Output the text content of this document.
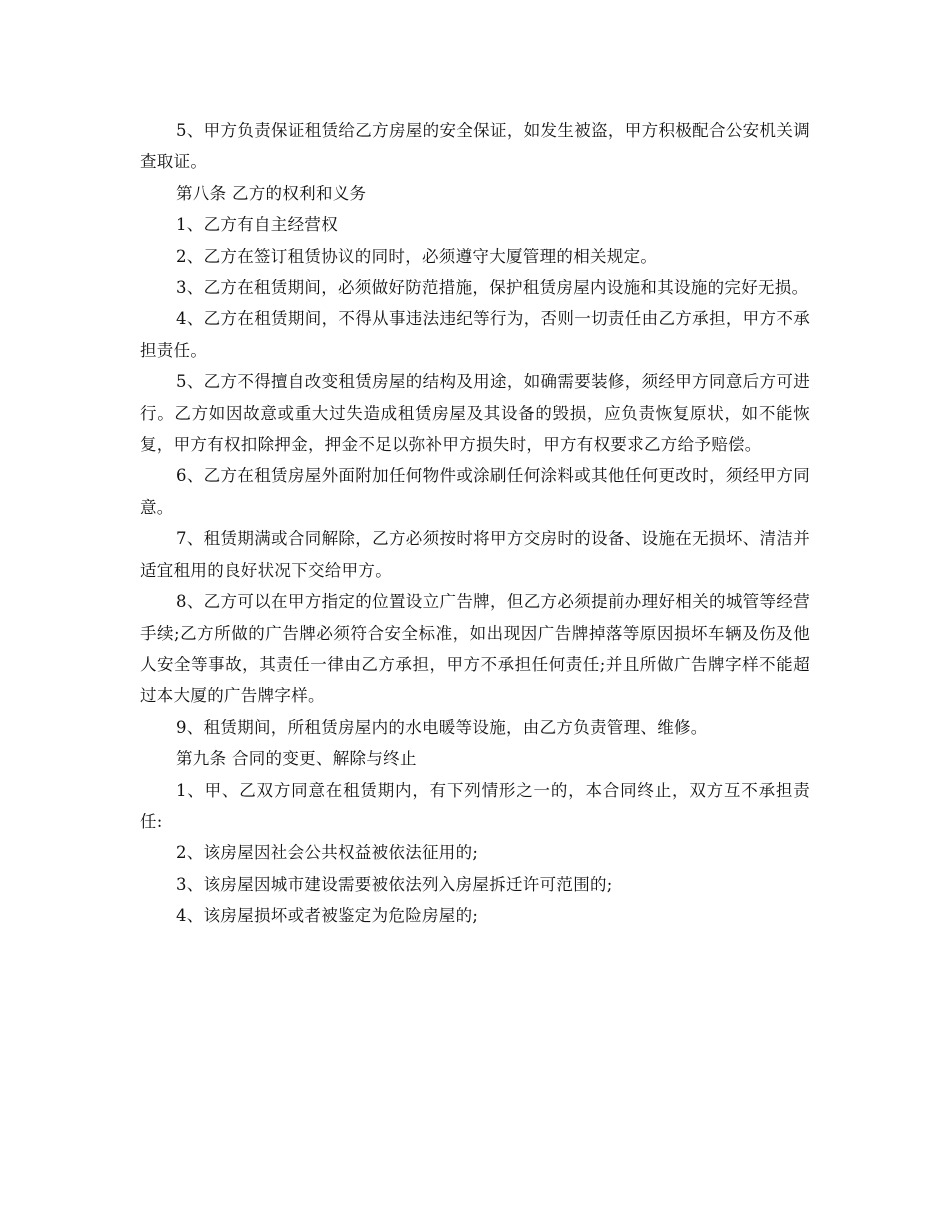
5、甲方负责保证租赁给乙方房屋的安全保证，如发生被盗，甲方积极配合公安机关调查取证。

第八条 乙方的权利和义务

1、乙方有自主经营权

2、乙方在签订租赁协议的同时，必须遵守大厦管理的相关规定。

3、乙方在租赁期间，必须做好防范措施，保护租赁房屋内设施和其设施的完好无损。

4、乙方在租赁期间，不得从事违法违纪等行为，否则一切责任由乙方承担，甲方不承担责任。

5、乙方不得擅自改变租赁房屋的结构及用途，如确需要装修，须经甲方同意后方可进行。乙方如因故意或重大过失造成租赁房屋及其设备的毁损，应负责恢复原状，如不能恢复，甲方有权扣除押金，押金不足以弥补甲方损失时，甲方有权要求乙方给予赔偿。

6、乙方在租赁房屋外面附加任何物件或涂刷任何涂料或其他任何更改时，须经甲方同意。

7、租赁期满或合同解除，乙方必须按时将甲方交房时的设备、设施在无损坏、清洁并适宜租用的良好状况下交给甲方。

8、乙方可以在甲方指定的位置设立广告牌，但乙方必须提前办理好相关的城管等经营手续;乙方所做的广告牌必须符合安全标准，如出现因广告牌掉落等原因损坏车辆及伤及他人安全等事故，其责任一律由乙方承担，甲方不承担任何责任;并且所做广告牌字样不能超过本大厦的广告牌字样。

9、租赁期间，所租赁房屋内的水电暖等设施，由乙方负责管理、维修。

第九条 合同的变更、解除与终止

1、甲、乙双方同意在租赁期内，有下列情形之一的，本合同终止，双方互不承担责任:

2、该房屋因社会公共权益被依法征用的;

3、该房屋因城市建设需要被依法列入房屋拆迁许可范围的;

4、该房屋损坏或者被鉴定为危险房屋的;
